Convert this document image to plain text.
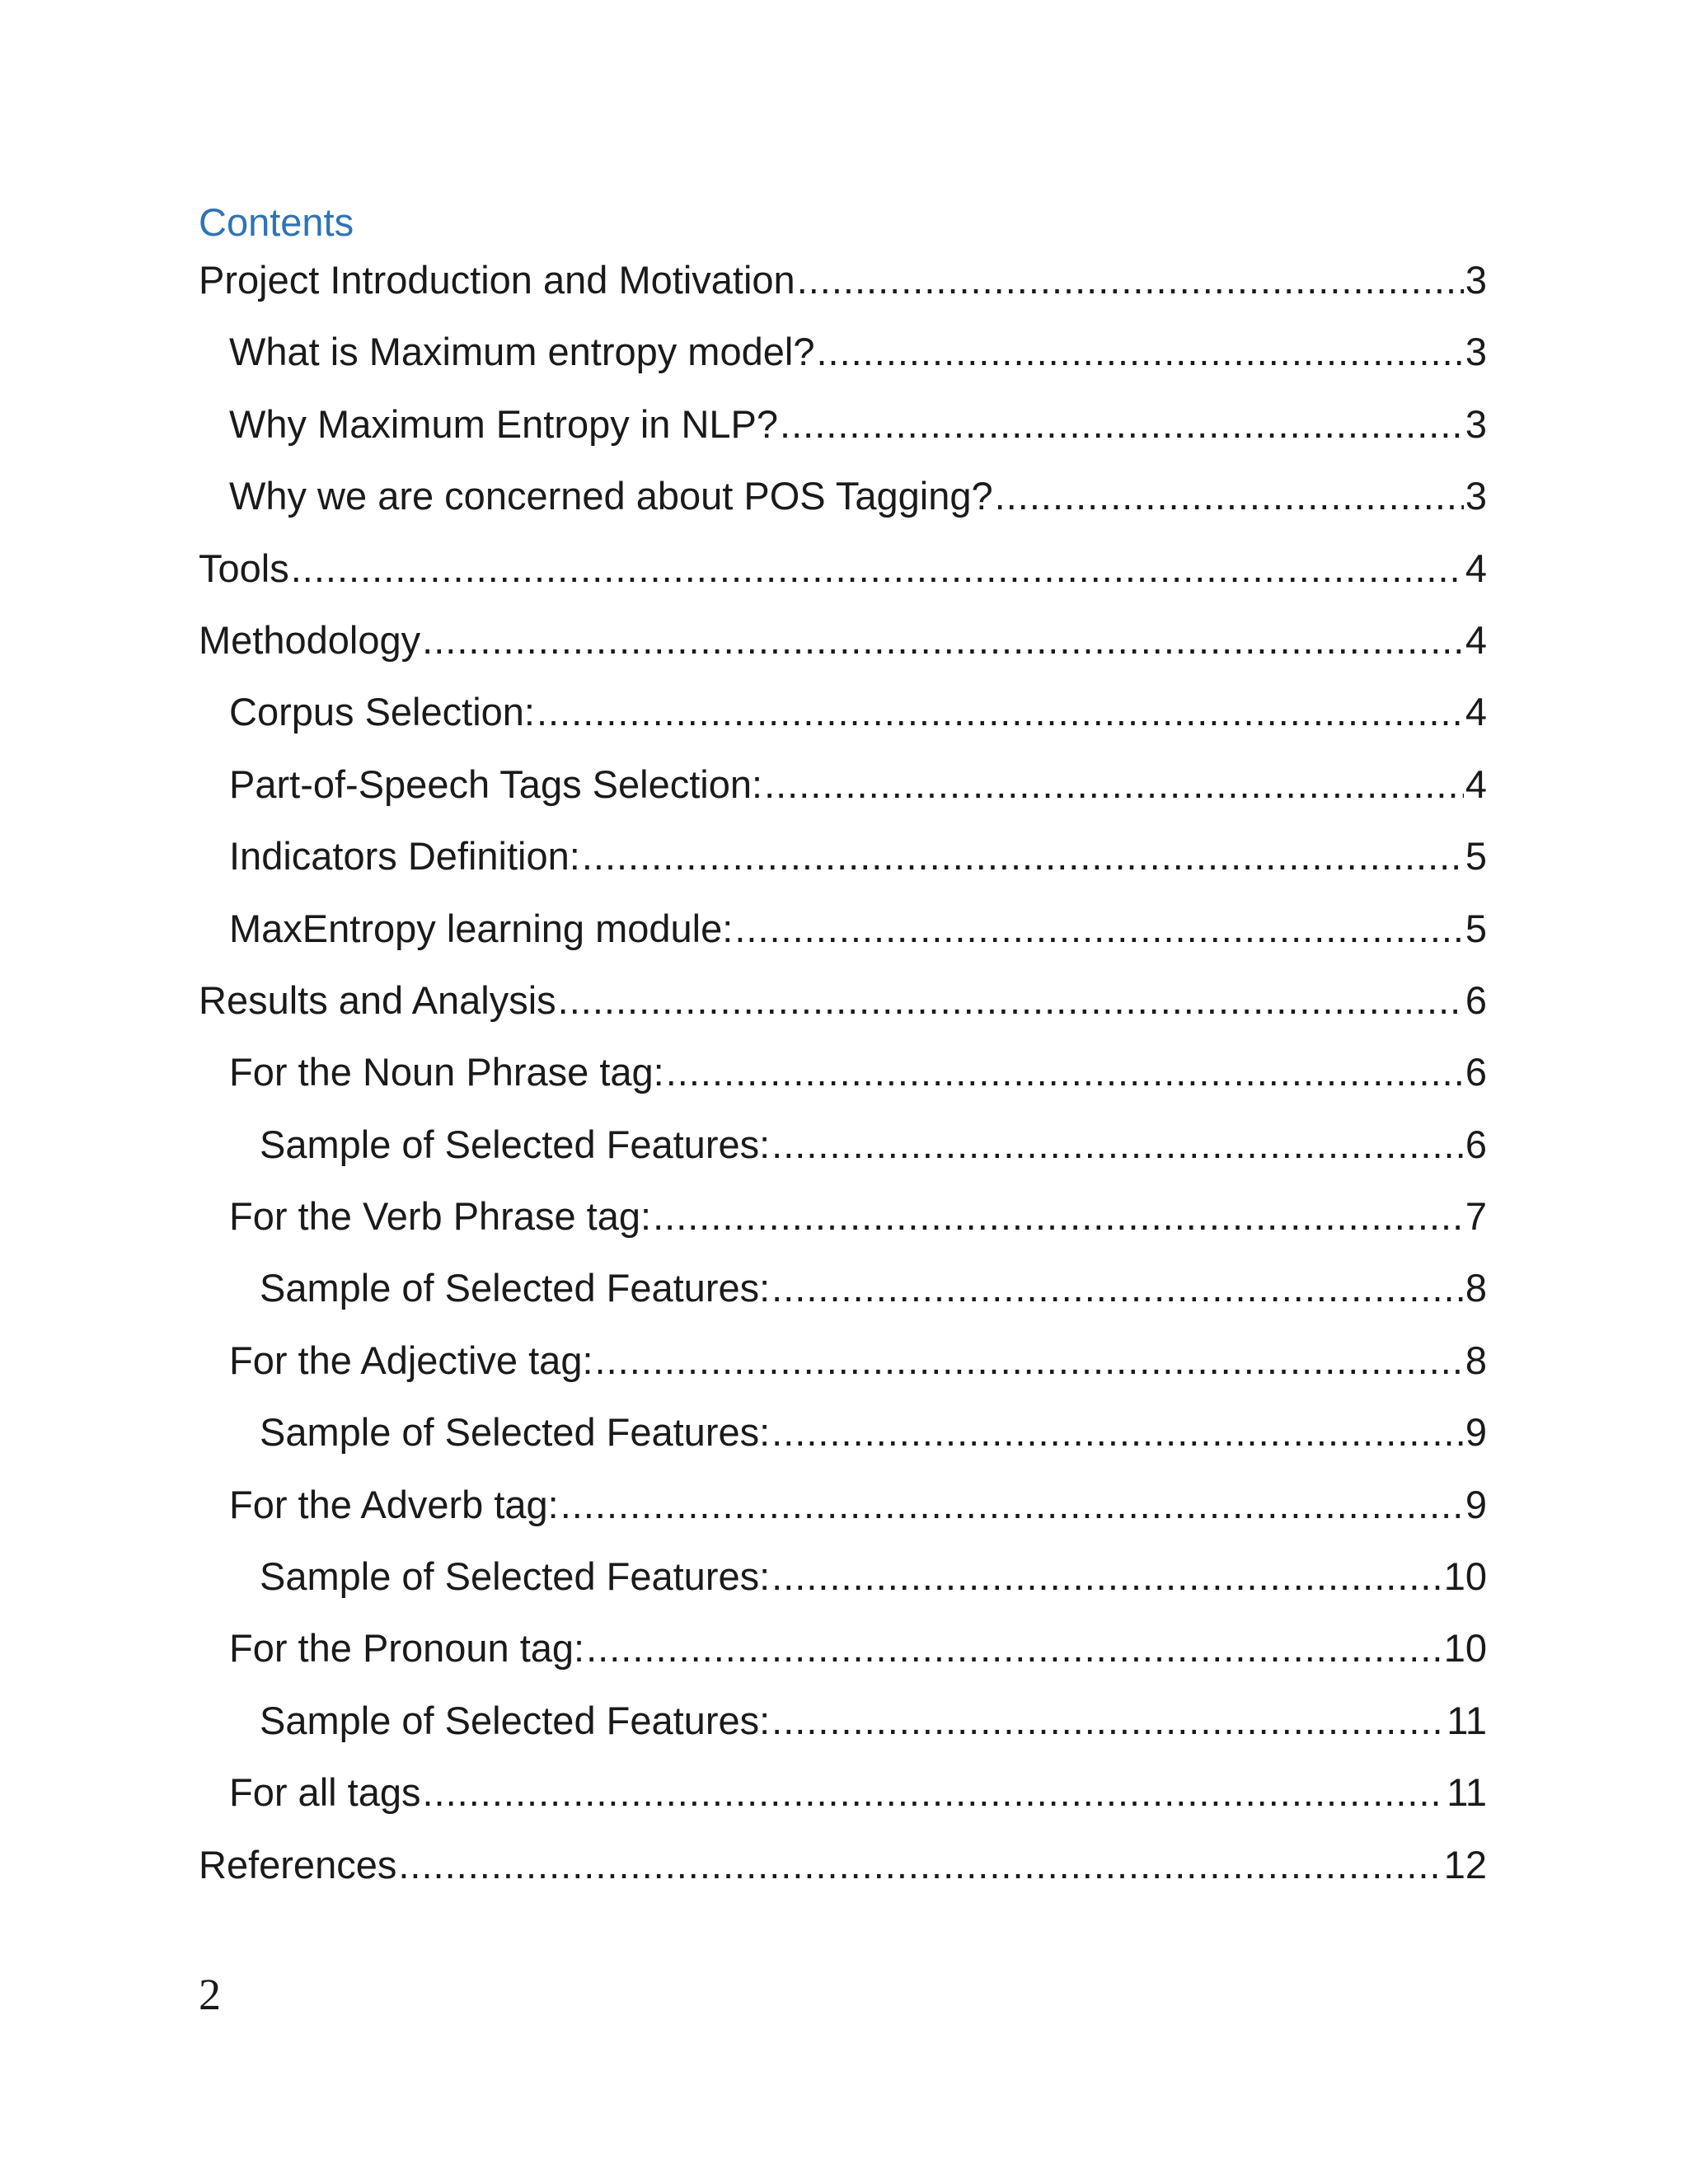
Contents
Project Introduction and Motivation .....	3
What is Maximum entropy model? .....	3
Why Maximum Entropy in NLP? .....	3
Why we are concerned about POS Tagging? .....	3
Tools .....	4
Methodology .....	4
Corpus Selection: .....	4
Part-of-Speech Tags Selection: .....	4
Indicators Definition: .....	5
MaxEntropy learning module: .....	5
Results and Analysis .....	6
For the Noun Phrase tag: .....	6
Sample of Selected Features: .....	6
For the Verb Phrase tag: .....	7
Sample of Selected Features: .....	8
For the Adjective tag: .....	8
Sample of Selected Features: .....	9
For the Adverb tag: .....	9
Sample of Selected Features: .....	10
For the Pronoun tag: .....	10
Sample of Selected Features: .....	11
For all tags .....	11
References .....	12
2
